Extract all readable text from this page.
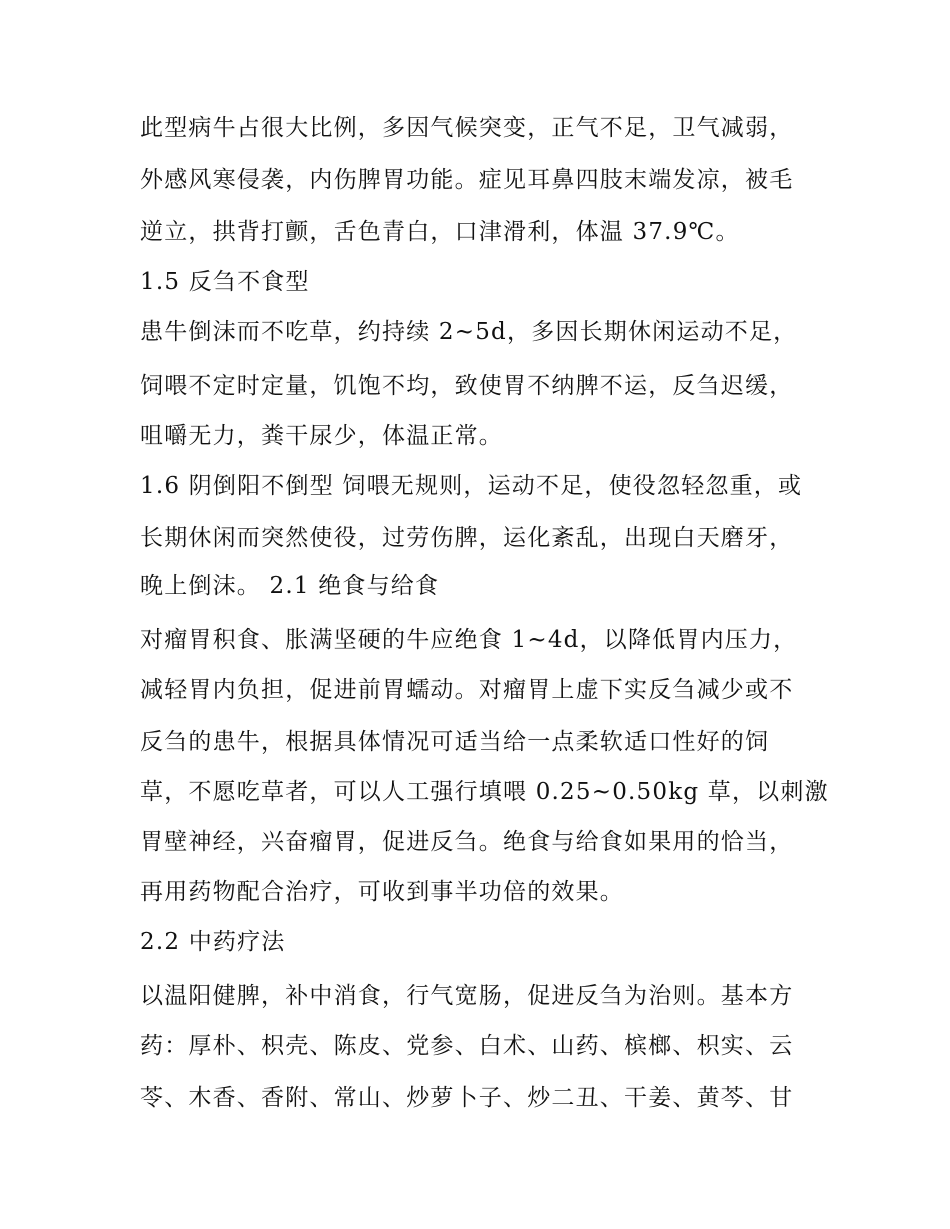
此型病牛占很大比例，多因气候突变，正气不足，卫气减弱，
外感风寒侵袭，内伤脾胃功能。症见耳鼻四肢末端发凉，被毛
逆立，拱背打颤，舌色青白，口津滑利，体温 37.9℃。
1.5 反刍不食型
患牛倒沫而不吃草，约持续 2~5d，多因长期休闲运动不足，
饲喂不定时定量，饥饱不均，致使胃不纳脾不运，反刍迟缓，
咀嚼无力，粪干尿少，体温正常。
1.6 阴倒阳不倒型 饲喂无规则，运动不足，使役忽轻忽重，或
长期休闲而突然使役，过劳伤脾，运化紊乱，出现白天磨牙，
晚上倒沫。 2.1 绝食与给食
对瘤胃积食、胀满坚硬的牛应绝食 1~4d，以降低胃内压力，
减轻胃内负担，促进前胃蠕动。对瘤胃上虚下实反刍减少或不
反刍的患牛，根据具体情况可适当给一点柔软适口性好的饲
草，不愿吃草者，可以人工强行填喂 0.25~0.50kg 草，以刺激
胃壁神经，兴奋瘤胃，促进反刍。绝食与给食如果用的恰当，
再用药物配合治疗，可收到事半功倍的效果。
2.2 中药疗法
以温阳健脾，补中消食，行气宽肠，促进反刍为治则。基本方
药：厚朴、枳壳、陈皮、党参、白术、山药、槟榔、枳实、云
苓、木香、香附、常山、炒萝卜子、炒二丑、干姜、黄芩、甘
